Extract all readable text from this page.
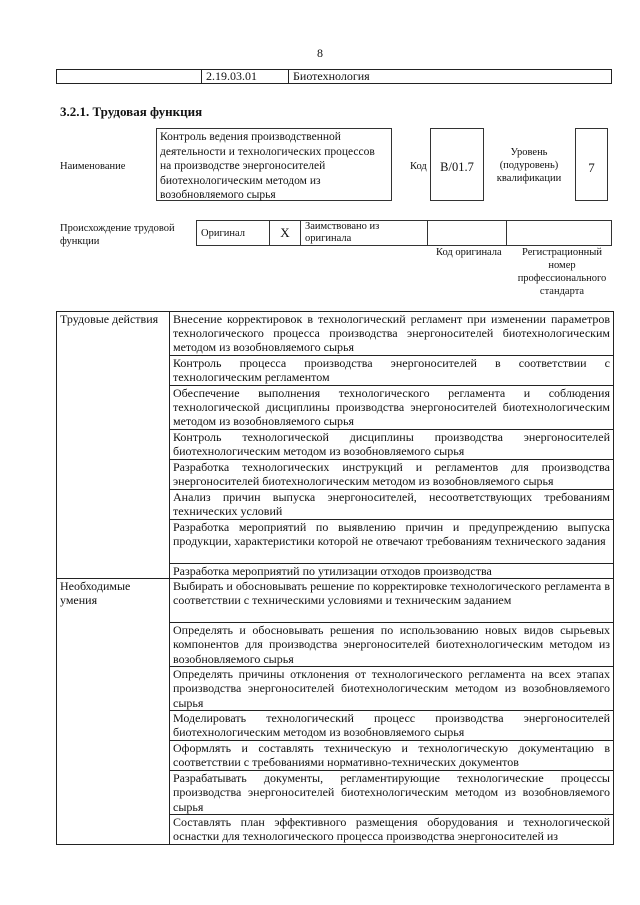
8
	2.19.03.01	Биотехнология
3.2.1. Трудовая функция
Наименование
Контроль ведения производственной деятельности и технологических процессов на производстве энергоносителей биотехнологическим методом из возобновляемого сырья
Код	B/01.7
Уровень (подуровень) квалификации
7
Происхождение трудовой функции
Оригинал	X	Заимствовано из оригинала		
Код оригинала	Регистрационный номер профессионального стандарта
Трудовые действия	Внесение корректировок в технологический регламент при изменении параметров технологического процесса производства энергоносителей биотехнологическим методом из возобновляемого сырья
	Контроль процесса производства энергоносителей в соответствии с технологическим регламентом
	Обеспечение выполнения технологического регламента и соблюдения технологической дисциплины производства энергоносителей биотехнологическим методом из возобновляемого сырья
	Контроль технологической дисциплины производства энергоносителей биотехнологическим методом из возобновляемого сырья
	Разработка технологических инструкций и регламентов для производства энергоносителей биотехнологическим методом из возобновляемого сырья
	Анализ причин выпуска энергоносителей, несоответствующих требованиям технических условий
	Разработка мероприятий по выявлению причин и предупреждению выпуска продукции, характеристики которой не отвечают требованиям технического задания
	Разработка мероприятий по утилизации отходов производства
Необходимые умения	Выбирать и обосновывать решение по корректировке технологического регламента в соответствии с техническими условиями и техническим заданием
	Определять и обосновывать решения по использованию новых видов сырьевых компонентов для производства энергоносителей биотехнологическим методом из возобновляемого сырья
	Определять причины отклонения от технологического регламента на всех этапах производства энергоносителей биотехнологическим методом из возобновляемого сырья
	Моделировать технологический процесс производства энергоносителей биотехнологическим методом из возобновляемого сырья
	Оформлять и составлять техническую и технологическую документацию в соответствии с требованиями нормативно-технических документов
	Разрабатывать документы, регламентирующие технологические процессы производства энергоносителей биотехнологическим методом из возобновляемого сырья
	Составлять план эффективного размещения оборудования и технологической оснастки для технологического процесса производства энергоносителей из
